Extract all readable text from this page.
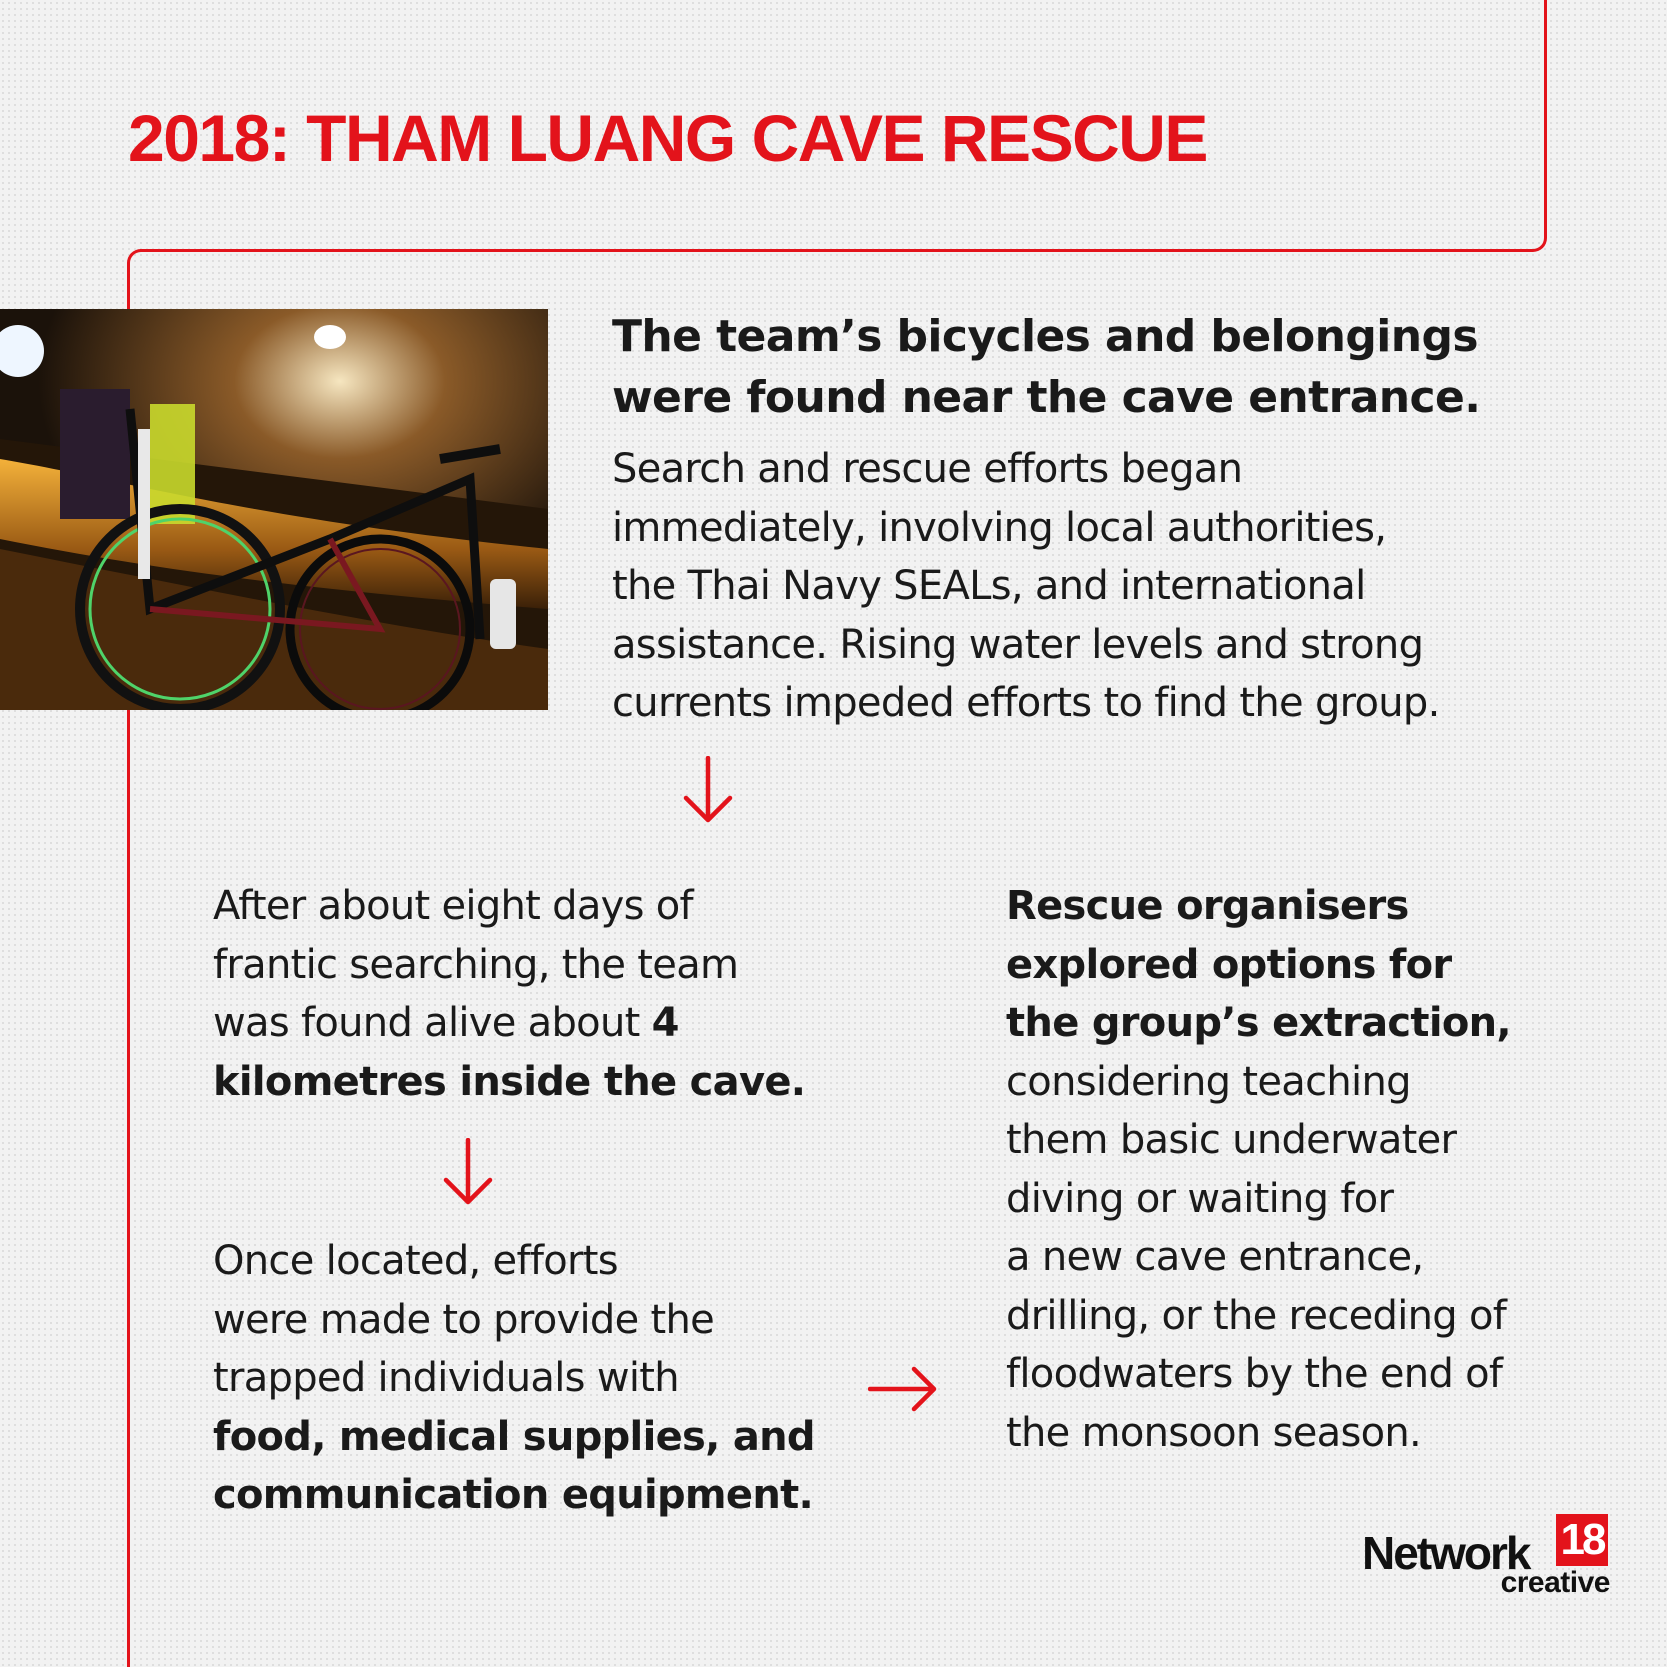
2018: THAM LUANG CAVE RESCUE
The team’s bicycles and belongings
were found near the cave entrance.

Search and rescue efforts began
immediately, involving local authorities,
the Thai Navy SEALs, and international
assistance. Rising water levels and strong
currents impeded efforts to find the group.

After about eight days of
frantic searching, the team
was found alive about 4
kilometres inside the cave.

Once located, efforts
were made to provide the
trapped individuals with
food, medical supplies, and
communication equipment.

Rescue organisers
explored options for
the group’s extraction,
considering teaching
them basic underwater
diving or waiting for
a new cave entrance,
drilling, or the receding of
floodwaters by the end of
the monsoon season.

Network 18
creative
